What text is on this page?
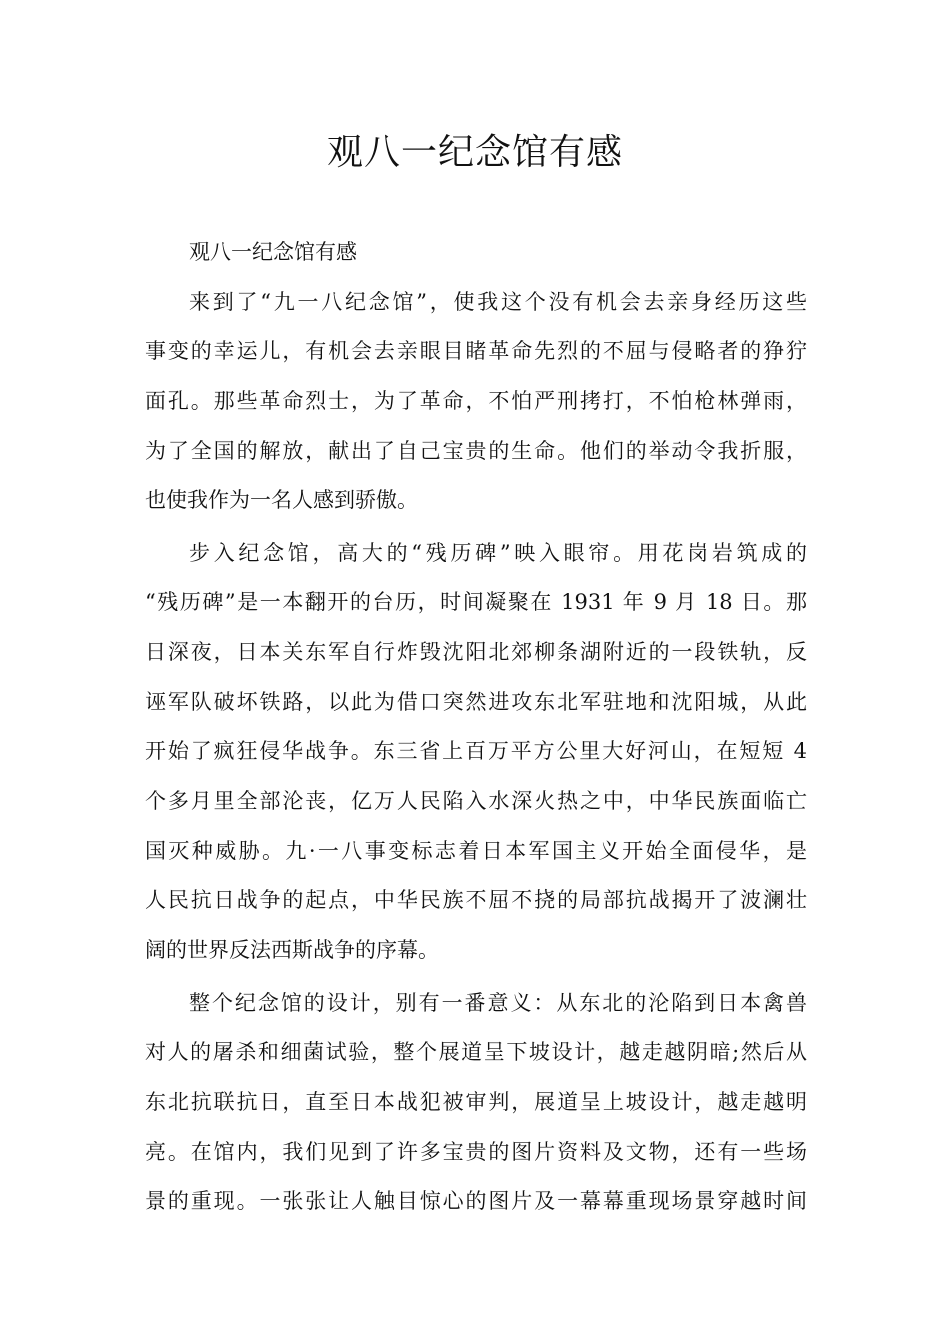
观八一纪念馆有感
观八一纪念馆有感
来到了“九一八纪念馆”，使我这个没有机会去亲身经历这些
事变的幸运儿，有机会去亲眼目睹革命先烈的不屈与侵略者的狰狞
面孔。那些革命烈士，为了革命，不怕严刑拷打，不怕枪林弹雨，
为了全国的解放，献出了自己宝贵的生命。他们的举动令我折服，
也使我作为一名人感到骄傲。
步入纪念馆，高大的“残历碑”映入眼帘。用花岗岩筑成的
“残历碑”是一本翻开的台历，时间凝聚在 1931 年 9 月 18 日。那
日深夜，日本关东军自行炸毁沈阳北郊柳条湖附近的一段铁轨，反
诬军队破坏铁路，以此为借口突然进攻东北军驻地和沈阳城，从此
开始了疯狂侵华战争。东三省上百万平方公里大好河山，在短短 4
个多月里全部沦丧，亿万人民陷入水深火热之中，中华民族面临亡
国灭种威胁。九·一八事变标志着日本军国主义开始全面侵华，是
人民抗日战争的起点，中华民族不屈不挠的局部抗战揭开了波澜壮
阔的世界反法西斯战争的序幕。
整个纪念馆的设计，别有一番意义：从东北的沦陷到日本禽兽
对人的屠杀和细菌试验，整个展道呈下坡设计，越走越阴暗;然后从
东北抗联抗日，直至日本战犯被审判，展道呈上坡设计，越走越明
亮。在馆内，我们见到了许多宝贵的图片资料及文物，还有一些场
景的重现。一张张让人触目惊心的图片及一幕幕重现场景穿越时间
